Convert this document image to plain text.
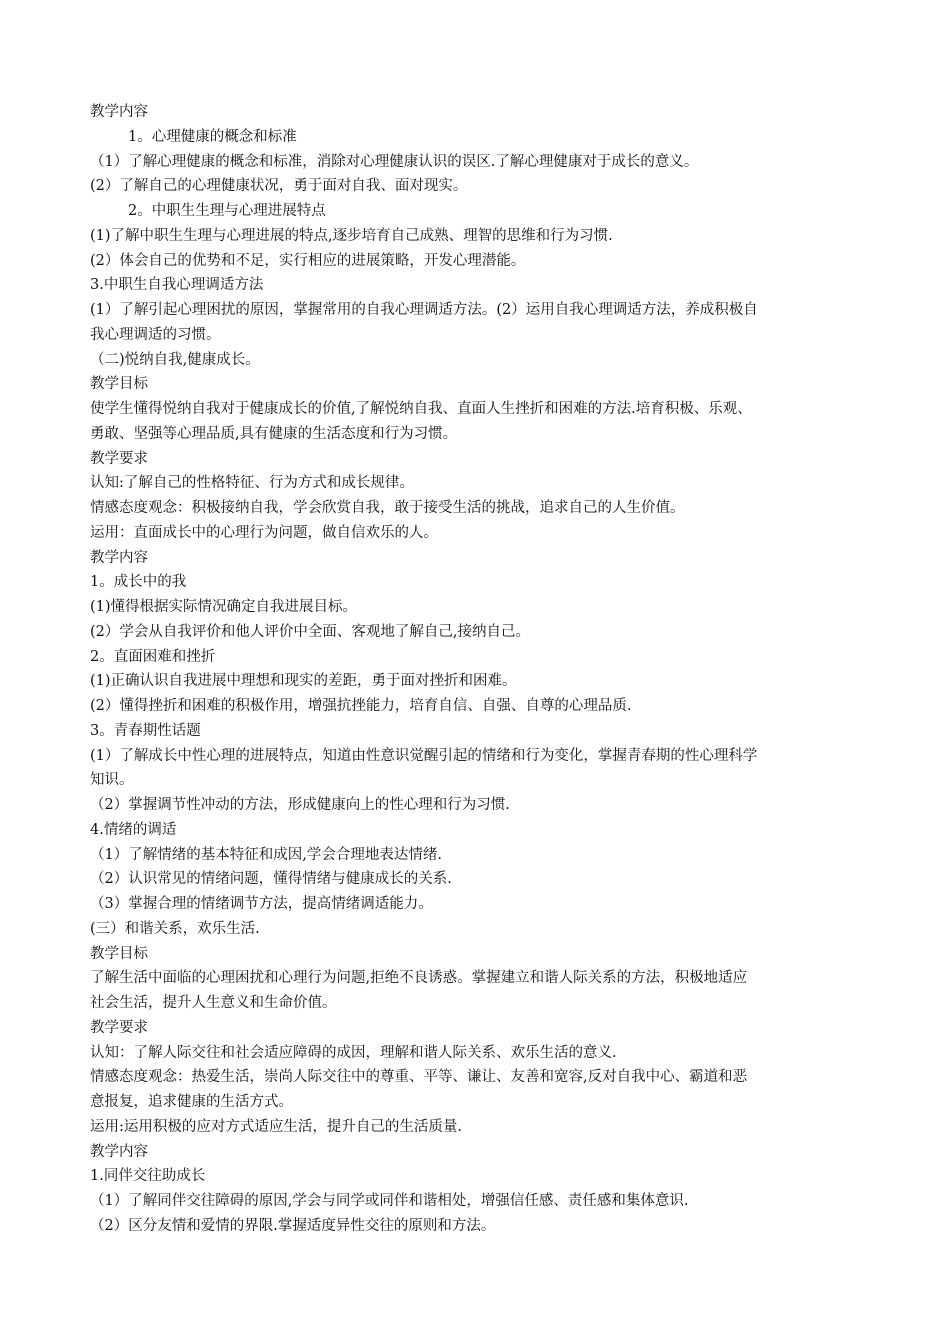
教学内容
1。心理健康的概念和标准
（1）了解心理健康的概念和标准，消除对心理健康认识的误区.了解心理健康对于成长的意义。
(2）了解自己的心理健康状况，勇于面对自我、面对现实。
2。中职生生理与心理进展特点
(1)了解中职生生理与心理进展的特点,逐步培育自己成熟、理智的思维和行为习惯.
(2）体会自己的优势和不足，实行相应的进展策略，开发心理潜能。
3.中职生自我心理调适方法
(1）了解引起心理困扰的原因，掌握常用的自我心理调适方法。(2）运用自我心理调适方法，养成积极自
我心理调适的习惯。
（二)悦纳自我,健康成长。
教学目标
使学生懂得悦纳自我对于健康成长的价值,了解悦纳自我、直面人生挫折和困难的方法.培育积极、乐观、
勇敢、坚强等心理品质,具有健康的生活态度和行为习惯。
教学要求
认知:了解自己的性格特征、行为方式和成长规律。
情感态度观念：积极接纳自我，学会欣赏自我，敢于接受生活的挑战，追求自己的人生价值。
运用：直面成长中的心理行为问题，做自信欢乐的人。
教学内容
1。成长中的我
(1)懂得根据实际情况确定自我进展目标。
(2）学会从自我评价和他人评价中全面、客观地了解自己,接纳自己。
2。直面困难和挫折
(1)正确认识自我进展中理想和现实的差距，勇于面对挫折和困难。
(2）懂得挫折和困难的积极作用，增强抗挫能力，培育自信、自强、自尊的心理品质.
3。青春期性话题
(1）了解成长中性心理的进展特点，知道由性意识觉醒引起的情绪和行为变化，掌握青春期的性心理科学
知识。
（2）掌握调节性冲动的方法，形成健康向上的性心理和行为习惯.
4.情绪的调适
（1）了解情绪的基本特征和成因,学会合理地表达情绪.
（2）认识常见的情绪问题，懂得情绪与健康成长的关系.
（3）掌握合理的情绪调节方法，提高情绪调适能力。
(三）和谐关系，欢乐生活.
教学目标
了解生活中面临的心理困扰和心理行为问题,拒绝不良诱惑。掌握建立和谐人际关系的方法，积极地适应
社会生活，提升人生意义和生命价值。
教学要求
认知：了解人际交往和社会适应障碍的成因，理解和谐人际关系、欢乐生活的意义.
情感态度观念：热爱生活，崇尚人际交往中的尊重、平等、谦让、友善和宽容,反对自我中心、霸道和恶
意报复，追求健康的生活方式。
运用:运用积极的应对方式适应生活，提升自己的生活质量.
教学内容
1.同伴交往助成长
（1）了解同伴交往障碍的原因,学会与同学或同伴和谐相处，增强信任感、责任感和集体意识.
（2）区分友情和爱情的界限.掌握适度异性交往的原则和方法。
